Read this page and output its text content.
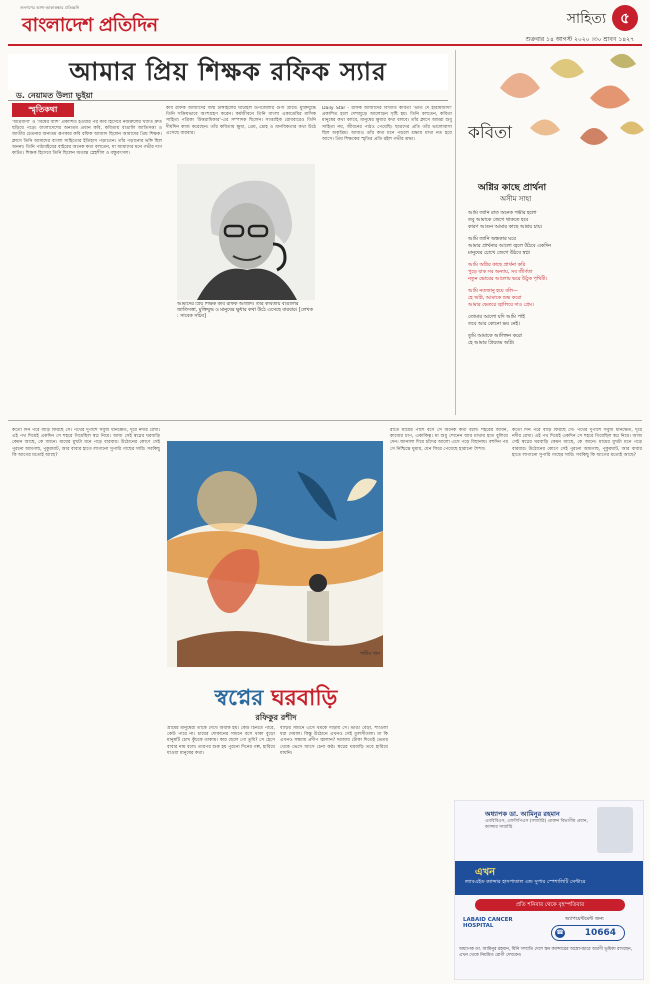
জনগণের আশা-আকাঙ্ক্ষার প্রতিধ্বনি
বাংলাদেশ প্রতিদিন	সাহিত্য ৫
শুক্রবার ১৪ আগস্ট ২০২০ ।৩০ শ্রাবণ ১৪২৭
আমার প্রিয় শিক্ষক রফিক স্যার
ড. নেয়ামত উল্যা ভূইয়া
স্মৃতিকথা

'অগ্নিবীণা' ও 'বিষের বাঁশি' প্রকাশিত হওয়ার পর কবি হিসেবে নজরুলের খ্যাতি দ্রুত ছড়িয়ে পড়ে। বাংলাদেশের অন্যতম প্রধান কবি, কবিতায় বাঙালি জাতিসত্তা ও জাতীয় চেতনার অন্যতম রূপকার কবি রফিক আজাদ ছিলেন আমাদের প্রিয় শিক্ষক। ক্লাসে তিনি আমাদের বাংলা সাহিত্যের ইতিহাস পড়াতেন। তাঁর পড়ানোর ভঙ্গি ছিল অনন্য। তিনি পাঠ্যবইয়ের বাইরের অনেক কথা বলতেন, যা আমাদের মনে গভীর দাগ কাটত। শিক্ষক হিসেবে তিনি ছিলেন অত্যন্ত স্নেহশীল ও বন্ধুবৎসল।

কবি রফিক আজাদের জন্ম টাঙ্গাইলের ঘাটাইল উপজেলার গুণী গ্রামে। মুক্তিযুদ্ধে তিনি সক্রিয়ভাবে অংশগ্রহণ করেন। কর্মজীবনে তিনি বাংলা একাডেমির মাসিক সাহিত্য পত্রিকা 'উত্তরাধিকার'-এর সম্পাদক ছিলেন। সাপ্তাহিক রোববারেও তিনি দীর্ঘদিন কাজ করেছেন। তাঁর কবিতায় ক্ষুধা, প্রেম, দ্রোহ ও মানবিকতার কথা উঠে এসেছে বারবার।

আমাদের প্রিয় শিক্ষক কবি রফিক আজাদ। তাঁর কবিতায় বাঙালির জাতিসত্তা, মুক্তিযুদ্ধ ও মানুষের ক্ষুধার কথা উঠে এসেছে বারবার। [লেখক : সাবেক সচিব]

Daily Star - রফিক আজাদের বিখ্যাত কবিতা 'ভাত দে হারামজাদা' প্রকাশিত হলে দেশজুড়ে আলোড়ন সৃষ্টি হয়। তিনি বলতেন, কবিতা মানুষের কথা বলবে, মানুষের ক্ষুধার কথা বলবে। তাঁর ক্লাসে আমরা শুধু সাহিত্য নয়, জীবনের পাঠও পেয়েছি। ছাত্রদের প্রতি তাঁর ভালোবাসা ছিল অকৃত্রিম। আজও তাঁর কথা মনে পড়লে শ্রদ্ধায় মাথা নত হয়ে আসে। প্রিয় শিক্ষকের স্মৃতির প্রতি রইল গভীর শ্রদ্ধা।	কবিতা
অগ্নির কাছে প্রার্থনা
অসীম সাহা
আমি জানি রাত অনেক গভীর হলো
তবু আমাকে জেগে থাকতে হবে
কারণ আগুন আমার কাছে আশ্রয় চায়।
আমি জানি অন্ধকার ঘরে
আমার প্রার্থনার আলো জ্বলে উঠবে একদিন
মানুষের চোখে জেগে উঠবে স্বপ্ন।
আমি অগ্নির কাছে প্রার্থনা করি
পুড়ে যাক সব অন্যায়, সব জীর্ণতা
নতুন ভোরের আলোয় ভরে উঠুক পৃথিবী।
আমি নতজানু হয়ে বলি—
হে অগ্নি, আমাকে শুদ্ধ করো
আমার ভেতরে জ্বালিয়ে দাও প্রেম।
তোমার আলো যদি আমি পাই
তবে আর কোনো ভয় নেই।
তুমি আমাকে আলিঙ্গন করো
হে আমার প্রিয়তম অগ্নি।

কতো দিন পরে বাড়ি ফিরছে সে। পথের দুপাশে সবুজ ধানক্ষেত, দূরে নদীর রেখা। এই পথ দিয়েই একদিন সে শহরে গিয়েছিল স্বপ্ন নিয়ে। আজ সেই স্বপ্নের ঘরবাড়ি কেমন আছে, কে জানে। মায়ের মুখটা মনে পড়ে বারবার। উঠোনের কোণে সেই পুরনো আমগাছ, পুকুরঘাট, আর বাবার হাতে লাগানো সুপারি গাছের সারি। সবকিছু কি আগের মতোই আছে?

শামীম খান
স্বপ্নের ঘরবাড়ি
রফিকুর রশীদ

গ্রামের মানুষেরা তাকে দেখে অবাক হয়। কেউ চিনতে পারে, কেউ পারে না। চায়ের দোকানের সামনে বসে থাকা বুড়ো মানুষটি চোখ কুঁচকে তাকায়। কার ছেলে গো তুমি? সে হেসে বাবার নাম বলে। তারপর শুরু হয় পুরনো দিনের গল্প, হারিয়ে যাওয়া মানুষের কথা।

বাড়ির সামনে এসে থমকে দাঁড়ায় সে। ভাঙা বেড়া, শ্যাওলা ধরা দেয়াল। কিন্তু উঠোনে এখনও সেই তুলসীতলা। মা কি এখনও সন্ধ্যায় প্রদীপ জ্বালান? দরজায় টোকা দিতেই ভেতর থেকে ভেসে আসে চেনা কণ্ঠ। স্বপ্নের ঘরবাড়ি তবে হারিয়ে যায়নি।

রাতে মায়ের পাশে বসে সে অনেক কথা বলে। শহরের জীবন, কাজের চাপ, একাকিত্ব। মা শুধু শোনেন আর মাথায় হাত বুলিয়ে দেন। জানালা দিয়ে চাঁদের আলো এসে পড়ে বিছানায়। বহুদিন পর সে নিশ্চিন্তে ঘুমায়, যেন ফিরে পেয়েছে হারানো শৈশব।

কতো দিন পরে বাড়ি ফিরছে সে। পথের দুপাশে সবুজ ধানক্ষেত, দূরে নদীর রেখা। এই পথ দিয়েই একদিন সে শহরে গিয়েছিল স্বপ্ন নিয়ে। আজ সেই স্বপ্নের ঘরবাড়ি কেমন আছে, কে জানে। মায়ের মুখটা মনে পড়ে বারবার। উঠোনের কোণে সেই পুরনো আমগাছ, পুকুরঘাট, আর বাবার হাতে লাগানো সুপারি গাছের সারি। সবকিছু কি আগের মতোই আছে?

অধ্যাপক ডা. আমিনুর রহমান
এমবিবিএস, এফসিপিএস (সার্জারি) প্রাক্তন বিভাগীয় প্রধান, ক্যান্সার সার্জারি
এখন
ল্যাবএইড ক্যান্সার হাসপাতাল এন্ড সুপার স্পেশালিটি সেন্টারে
প্রতি শনিবার থেকে বৃহস্পতিবার
LABAID CANCER HOSPITAL
অ্যাপয়েন্টমেন্ট জন্য
☎ 10664
অধ্যাপক ডা. আমিনুর রহমান, যিনি সম্প্রতি দেশে স্তন ক্যান্সারের অস্ত্রোপচারে অগ্রণী ভূমিকা রাখছেন, এখন থেকে নিয়মিত রোগী দেখবেন।
